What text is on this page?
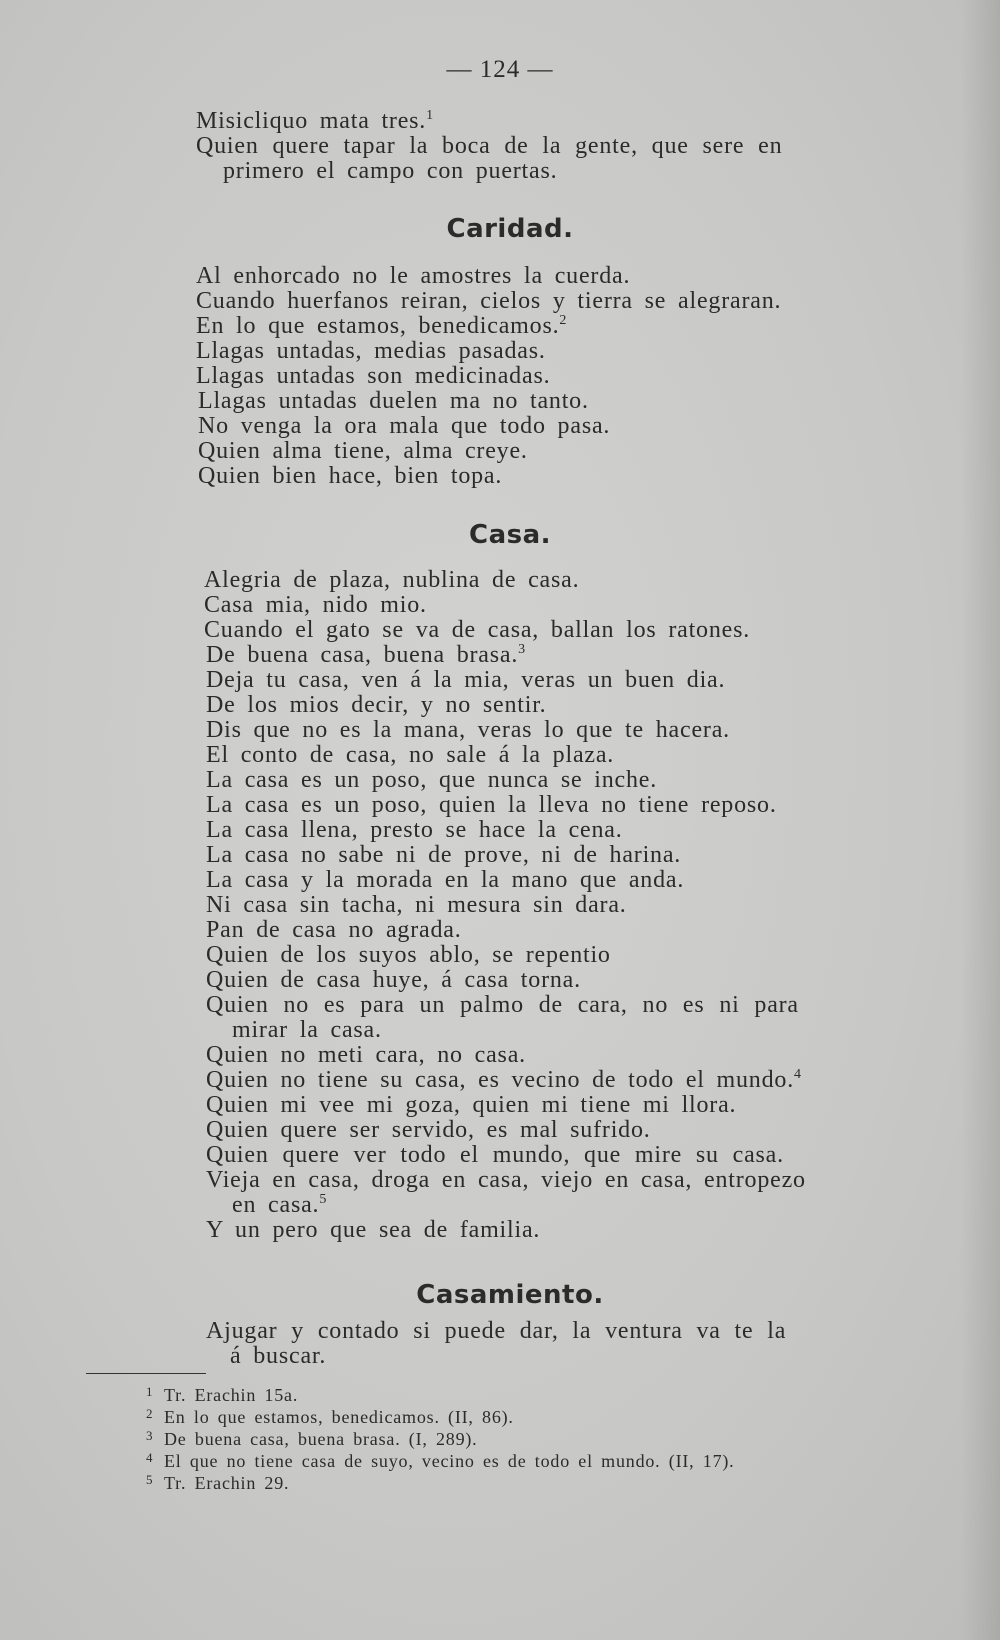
— 124 —
Misicliquo mata tres.$^1$
Quien quere tapar la boca de la gente, que sere en
primero el campo con puertas.
Caridad.
Al enhorcado no le amostres la cuerda.
Cuando huerfanos reiran, cielos y tierra se alegraran.
En lo que estamos, benedicamos.$^2$
Llagas untadas, medias pasadas.
Llagas untadas son medicinadas.
Llagas untadas duelen ma no tanto.
No venga la ora mala que todo pasa.
Quien alma tiene, alma creye.
Quien bien hace, bien topa.
Casa.
Alegria de plaza, nublina de casa.
Casa mia, nido mio.
Cuando el gato se va de casa, ballan los ratones.
De buena casa, buena brasa.$^3$
Deja tu casa, ven á la mia, veras un buen dia.
De los mios decir, y no sentir.
Dis que no es la mana, veras lo que te hacera.
El conto de casa, no sale á la plaza.
La casa es un poso, que nunca se inche.
La casa es un poso, quien la lleva no tiene reposo.
La casa llena, presto se hace la cena.
La casa no sabe ni de prove, ni de harina.
La casa y la morada en la mano que anda.
Ni casa sin tacha, ni mesura sin dara.
Pan de casa no agrada.
Quien de los suyos ablo, se repentio
Quien de casa huye, á casa torna.
Quien no es para un palmo de cara, no es ni para
mirar la casa.
Quien no meti cara, no casa.
Quien no tiene su casa, es vecino de todo el mundo.$^4$
Quien mi vee mi goza, quien mi tiene mi llora.
Quien quere ser servido, es mal sufrido.
Quien quere ver todo el mundo, que mire su casa.
Vieja en casa, droga en casa, viejo en casa, entropezo
en casa.$^5$
Y un pero que sea de familia.
Casamiento.
Ajugar y contado si puede dar, la ventura va te la
á buscar.
1 Tr. Erachin 15a.
2 En lo que estamos, benedicamos. (II, 86).
3 De buena casa, buena brasa. (I, 289).
4 El que no tiene casa de suyo, vecino es de todo el mundo. (II, 17).
5 Tr. Erachin 29.
